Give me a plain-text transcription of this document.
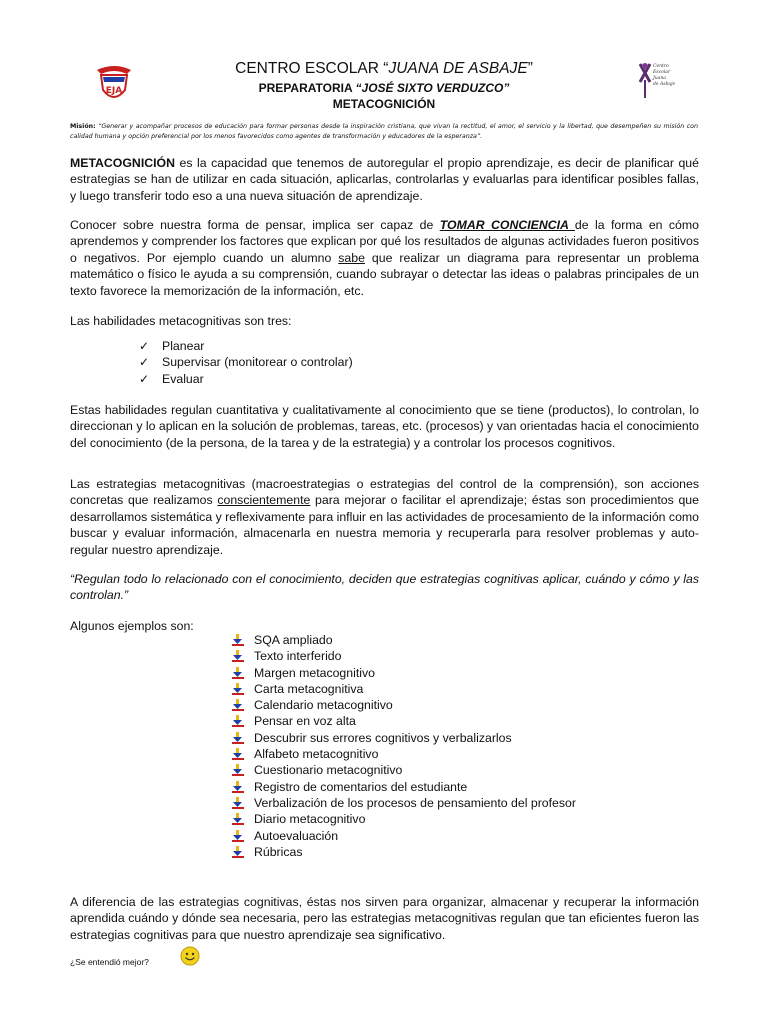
EJA
Centro
Escolar
Juana
de Asbaje
CENTRO ESCOLAR “JUANA DE ASBAJE”
PREPARATORIA “JOSÉ SIXTO VERDUZCO”
METACOGNICIÓN
Misión: “Generar y acompañar procesos de educación para formar personas desde la inspiración cristiana, que vivan la rectitud, el amor, el servicio y la libertad, que desempeñen su misión con calidad humana y opción preferencial por los menos favorecidos como agentes de transformación y educadores de la esperanza”.
METACOGNICIÓN es la capacidad que tenemos de autoregular el propio aprendizaje, es decir de planificar qué estrategias se han de utilizar en cada situación, aplicarlas, controlarlas y evaluarlas para identificar posibles fallas, y luego transferir todo eso a una nueva situación de aprendizaje.
Conocer sobre nuestra forma de pensar, implica ser capaz de TOMAR CONCIENCIA de la forma en cómo aprendemos y comprender los factores que explican por qué los resultados de algunas actividades fueron positivos o negativos. Por ejemplo cuando un alumno sabe que realizar un diagrama para representar un problema matemático o físico le ayuda a su comprensión, cuando subrayar o detectar las ideas o palabras principales de un texto favorece la memorización de la información, etc.
Las habilidades metacognitivas son tres:
✓ Planear
✓ Supervisar (monitorear o controlar)
✓ Evaluar
Estas habilidades regulan cuantitativa y cualitativamente al conocimiento que se tiene (productos), lo controlan, lo direccionan y lo aplican en la solución de problemas, tareas, etc. (procesos) y van orientadas hacia el conocimiento del conocimiento (de la persona, de la tarea y de la estrategia) y a controlar los procesos cognitivos.
Las estrategias metacognitivas (macroestrategias o estrategias del control de la comprensión), son acciones concretas que realizamos conscientemente para mejorar o facilitar el aprendizaje; éstas son procedimientos que desarrollamos sistemática y reflexivamente para influir en las actividades de procesamiento de la información como buscar y evaluar información, almacenarla en nuestra memoria y recuperarla para resolver problemas y auto-regular nuestro aprendizaje.
“Regulan todo lo relacionado con el conocimiento, deciden que estrategias cognitivas aplicar, cuándo y cómo y las controlan.”
Algunos ejemplos son:
SQA ampliado
Texto interferido
Margen metacognitivo
Carta metacognitiva
Calendario metacognitivo
Pensar en voz alta
Descubrir sus errores cognitivos y verbalizarlos
Alfabeto metacognitivo
Cuestionario metacognitivo
Registro de comentarios del estudiante
Verbalización de los procesos de pensamiento del profesor
Diario metacognitivo
Autoevaluación
Rúbricas
A diferencia de las estrategias cognitivas, éstas nos sirven para organizar, almacenar y recuperar la información aprendida cuándo y dónde sea necesaria, pero las estrategias metacognitivas regulan que tan eficientes fueron las estrategias cognitivas para que nuestro aprendizaje sea significativo.
¿Se entendió mejor?
